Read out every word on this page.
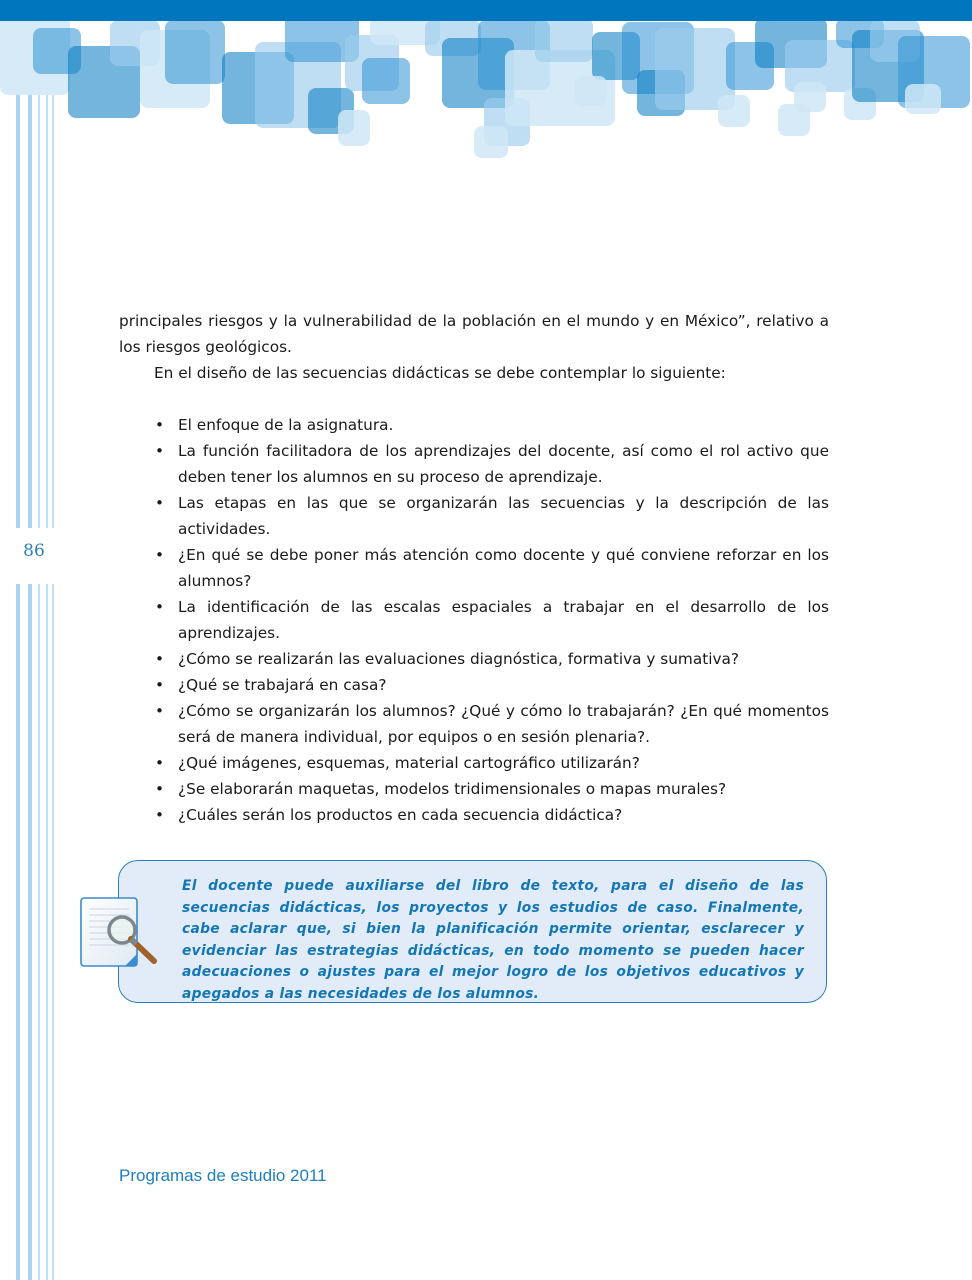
86

principales riesgos y la vulnerabilidad de la población en el mundo y en México”, relativo a los riesgos geológicos.

En el diseño de las secuencias didácticas se debe contemplar lo siguiente:

• El enfoque de la asignatura.
• La función facilitadora de los aprendizajes del docente, así como el rol activo que deben tener los alumnos en su proceso de aprendizaje.
• Las etapas en las que se organizarán las secuencias y la descripción de las actividades.
• ¿En qué se debe poner más atención como docente y qué conviene reforzar en los alumnos?
• La identificación de las escalas espaciales a trabajar en el desarrollo de los aprendizajes.
• ¿Cómo se realizarán las evaluaciones diagnóstica, formativa y sumativa?
• ¿Qué se trabajará en casa?
• ¿Cómo se organizarán los alumnos? ¿Qué y cómo lo trabajarán? ¿En qué momentos será de manera individual, por equipos o en sesión plenaria?.
• ¿Qué imágenes, esquemas, material cartográfico utilizarán?
• ¿Se elaborarán maquetas, modelos tridimensionales o mapas murales?
• ¿Cuáles serán los productos en cada secuencia didáctica?
El docente puede auxiliarse del libro de texto, para el diseño de las secuencias didácticas, los proyectos y los estudios de caso. Finalmente, cabe aclarar que, si bien la planificación permite orientar, esclarecer y evidenciar las estrategias didácticas, en todo momento se pueden hacer adecuaciones o ajustes para el mejor logro de los objetivos educativos y apegados a las necesidades de los alumnos.
Programas de estudio 2011
